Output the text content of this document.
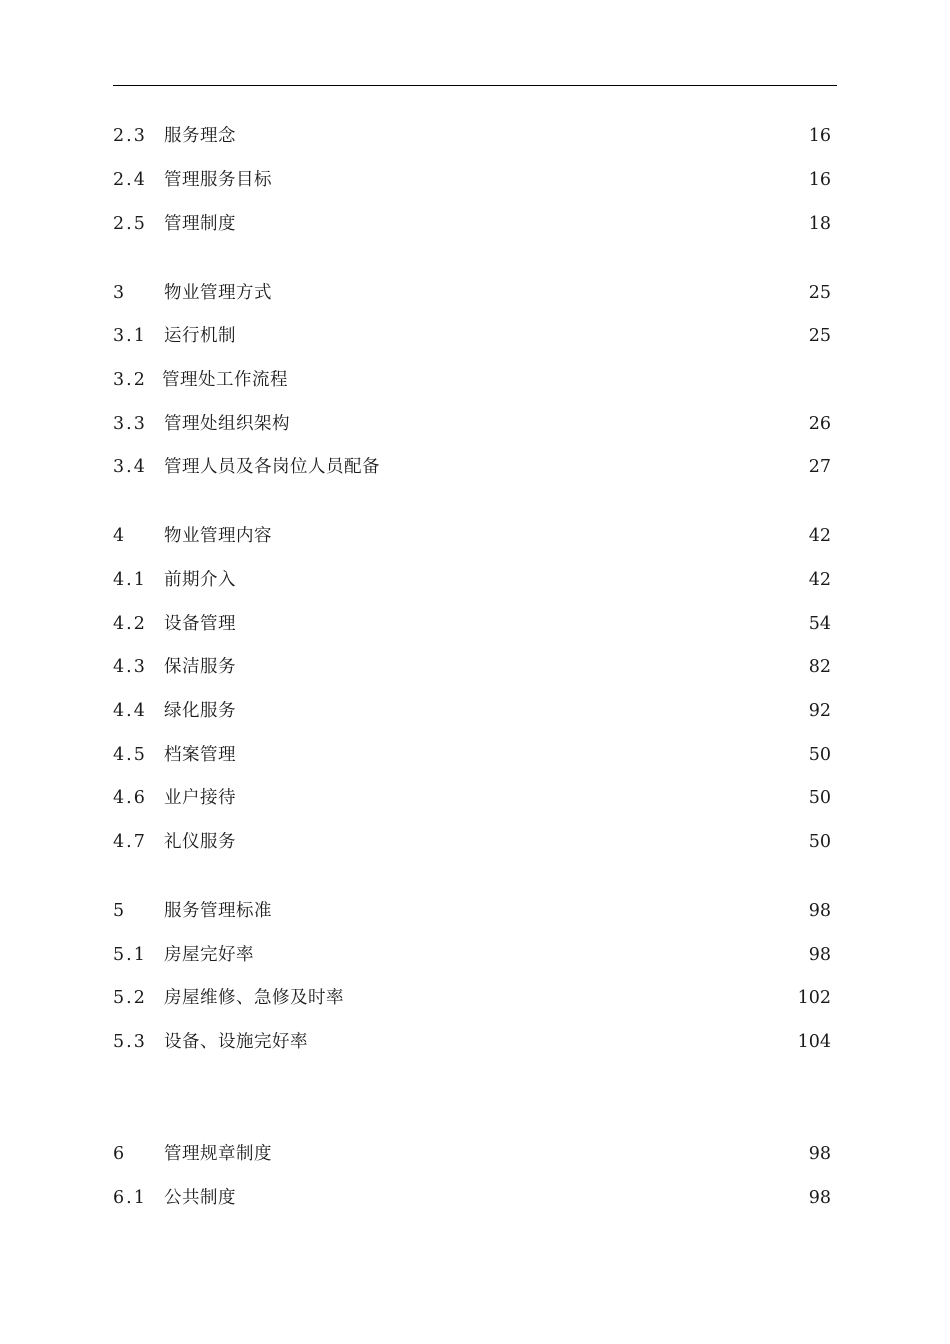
2.3 服务理念	16
2.4 管理服务目标	16
2.5 管理制度	18
3 物业管理方式	25
3.1 运行机制	25
3.2 管理处工作流程
3.3 管理处组织架构	26
3.4 管理人员及各岗位人员配备	27
4 物业管理内容	42
4.1 前期介入	42
4.2 设备管理	54
4.3 保洁服务	82
4.4 绿化服务	92
4.5 档案管理	50
4.6 业户接待	50
4.7 礼仪服务	50
5 服务管理标准	98
5.1 房屋完好率	98
5.2 房屋维修、急修及时率	102
5.3 设备、设施完好率	104
6 管理规章制度	98
6.1 公共制度	98
